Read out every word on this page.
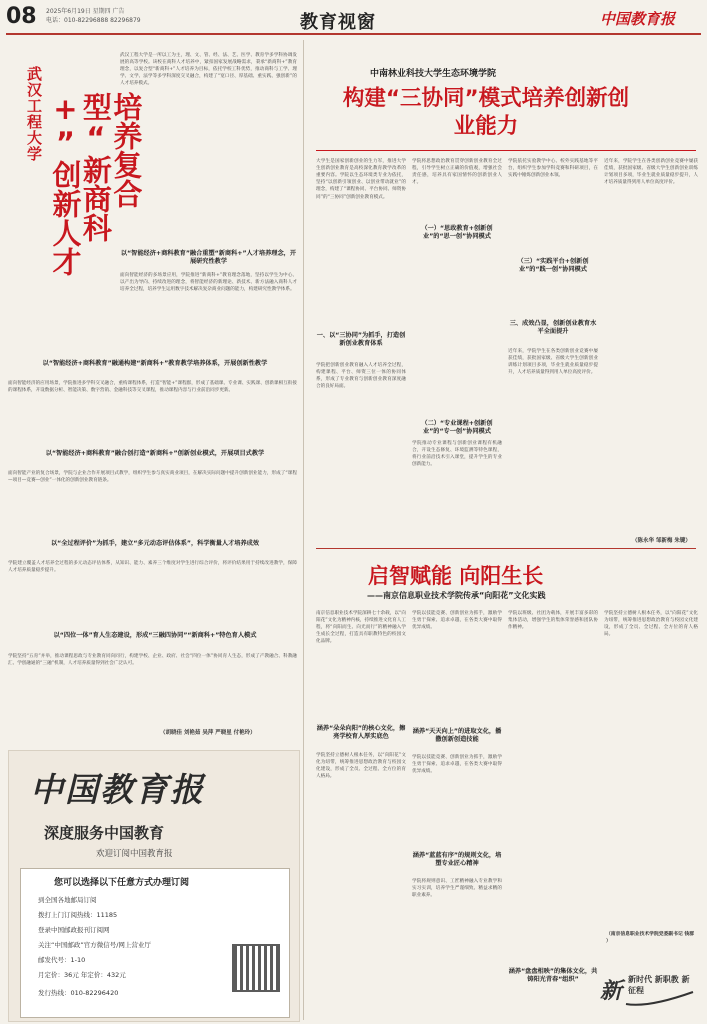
08 2025年6月19日 星期四 广告
电话：010-82296888 82296879	教育视窗	中国教育报
武汉工程大学	培养复合型“新商科+”创新人才
武汉工程大学是一所以工为主，理、文、管、经、法、艺、医学、教育学多学科协调发展的高等学校。该校在商科人才培养中，紧扣国家发展战略需求，秉承“新商科+”教育理念，以复合型“新商科+”人才培养为目标，依托学校工科优势，推动商科与工学、理学、文学、法学等多学科深度交叉融合，构建了“宽口径、厚基础、重实践、强创新”的人才培养模式。
以“智能经济+商科教育”融合重塑“新商科+”人才培养理念，开展研究性教学
面向智能经济的多场景应用，学院推进“新商科+”教育理念落地，坚持以学生为中心、以产出为导向、持续改进的理念，将智能经济的新理论、新技术、新方法融入商科人才培养全过程，培养学生运用数字技术解决复杂商业问题的能力，构建研究性教学体系。
以“智能经济+商科教育”融通构建“新商科+”教育教学培养体系，开展创新性教学
面向智能经济的应用场景，学院推进多学科交叉融合，重构课程体系，打造“智能+”课程群，形成了基础课、专业课、实践课、创新课相互衔接的课程体系，开设数据分析、智能决策、数字营销、金融科技等交叉课程，推动课程内容与行业前沿同步更新。
以“智能经济+商科教育”融合创打造“新商科+”创新创业模式，开展项目式教学
面向智能产业的复合场景，学院与企业合作开展项目式教学，组织学生参与真实商业项目，在解决实际问题中提升创新创业能力，形成了“课程—项目—竞赛—创业”一体化的创新创业教育链条。
以“全过程评价”为抓手，建立“多元动态评估体系”，科学衡量人才培养成效
学院建立覆盖人才培养全过程的多元动态评估体系，从知识、能力、素养三个维度对学生进行综合评价，将评价结果用于持续改进教学，保障人才培养质量稳步提升。
以“四位一体”育人生态建设，形成“三融四协同”“新商科+”特色育人模式
学院坚持“五育”并举，推动课程思政与专业教育同向同行，构建学校、企业、政府、社会“四位一体”协同育人生态，形成了产教融合、科教融汇、学创融通的“三融”机制，人才培养质量得到社会广泛认可。
（胡晓佳 刘艳茹 吴萍 严晓星 付艳玲）
中南林业科技大学生态环境学院
构建“三协同”模式培养创新创业能力
大学生是国家创新创业的生力军，推进大学生创新创业教育是高校深化教育教学改革的重要内容。学院以生态环境类专业为依托，坚持“以创新引领创业、以创业带动就业”的理念，构建了“课程协同、平台协同、师资协同”的“三协同”创新创业教育模式。
一、以“三协同”为抓手，打造创新创业教育体系
学院把创新创业教育融入人才培养全过程，构建课程、平台、师资三位一体的协同体系，形成了专业教育与创新创业教育深度融合的良好局面。
学院将思想政治教育贯穿创新创业教育全过程，引导学生树立正确的价值观，增强社会责任感，培养具有家国情怀的创新创业人才。
（一）“思政教育+创新创业”的“思一创”协同模式
（二）“专业课程+创新创业”的“专一创”协同模式
学院推动专业课程与创新创业课程有机融合，开设生态修复、环境监测等特色课程，将行业前沿技术引入课堂，提升学生的专业创新能力。
（三）“实践平台+创新创业”的“践一创”协同模式
学院依托实验教学中心、校外实践基地等平台，组织学生参加学科竞赛和科研项目，在实践中锤炼创新创业本领。
三、成效凸显，创新创业教育水平全面提升
近年来，学院学生在各类创新创业竞赛中屡获佳绩，获批国家级、省级大学生创新创业训练计划项目多项，毕业生就业质量稳步提升，人才培养质量得到用人单位高度评价。
近年来，学院学生在各类创新创业竞赛中屡获佳绩，获批国家级、省级大学生创新创业训练计划项目多项，毕业生就业质量稳步提升，人才培养质量得到用人单位高度评价。
（陈永华 邹新梅 朱键）
启智赋能 向阳生长
——南京信息职业技术学院传承“向阳花”文化实践
南京信息职业技术学院深耕七十余载，以“向阳花”文化为精神内核，持续推进文化育人工程，将“向阳而生、向光而行”的精神融入学生成长全过程，打造具有职教特色的校园文化品牌。
涵养“朵朵向阳”的核心文化，擦亮学校育人厚实底色
学院坚持立德树人根本任务，以“向阳花”文化为纽带，统筹推进思想政治教育与校园文化建设，形成了全员、全过程、全方位的育人格局。
学院以技能竞赛、创新创业为抓手，激励学生勇于探索、追求卓越，在各类大赛中取得优异成绩。
涵养“天天向上”的进取文化，播撒创新创造技能
学院以技能竞赛、创新创业为抓手，激励学生勇于探索、追求卓越，在各类大赛中取得优异成绩。
涵养“蓝蓝有序”的规则文化，培塑专业匠心精神
学院将规则意识、工匠精神融入专业教学和实习实训，培养学生严谨细致、精益求精的职业素养。
学院以班级、社团为载体，开展丰富多彩的集体活动，增强学生的集体荣誉感和团队协作精神。
涵养“盘盘相映”的集体文化，共铸阳光青春“组织”
学院坚持立德树人根本任务，以“向阳花”文化为纽带，统筹推进思想政治教育与校园文化建设，形成了全员、全过程、全方位的育人格局。
（南京信息职业技术学院党委副书记 钱群 ）
中国教育报
深度服务中国教育
欢迎订阅中国教育报
您可以选择以下任意方式办理订阅
到全国各地邮局订阅
拨打上门订阅热线：11185
登录中国邮政报刊订阅网
关注“中国邮政”官方微信号/网上营业厅
邮发代号：1-10
月定价：36元 年定价：432元
发行热线：010-82296420	新 新时代 新职教 新征程
